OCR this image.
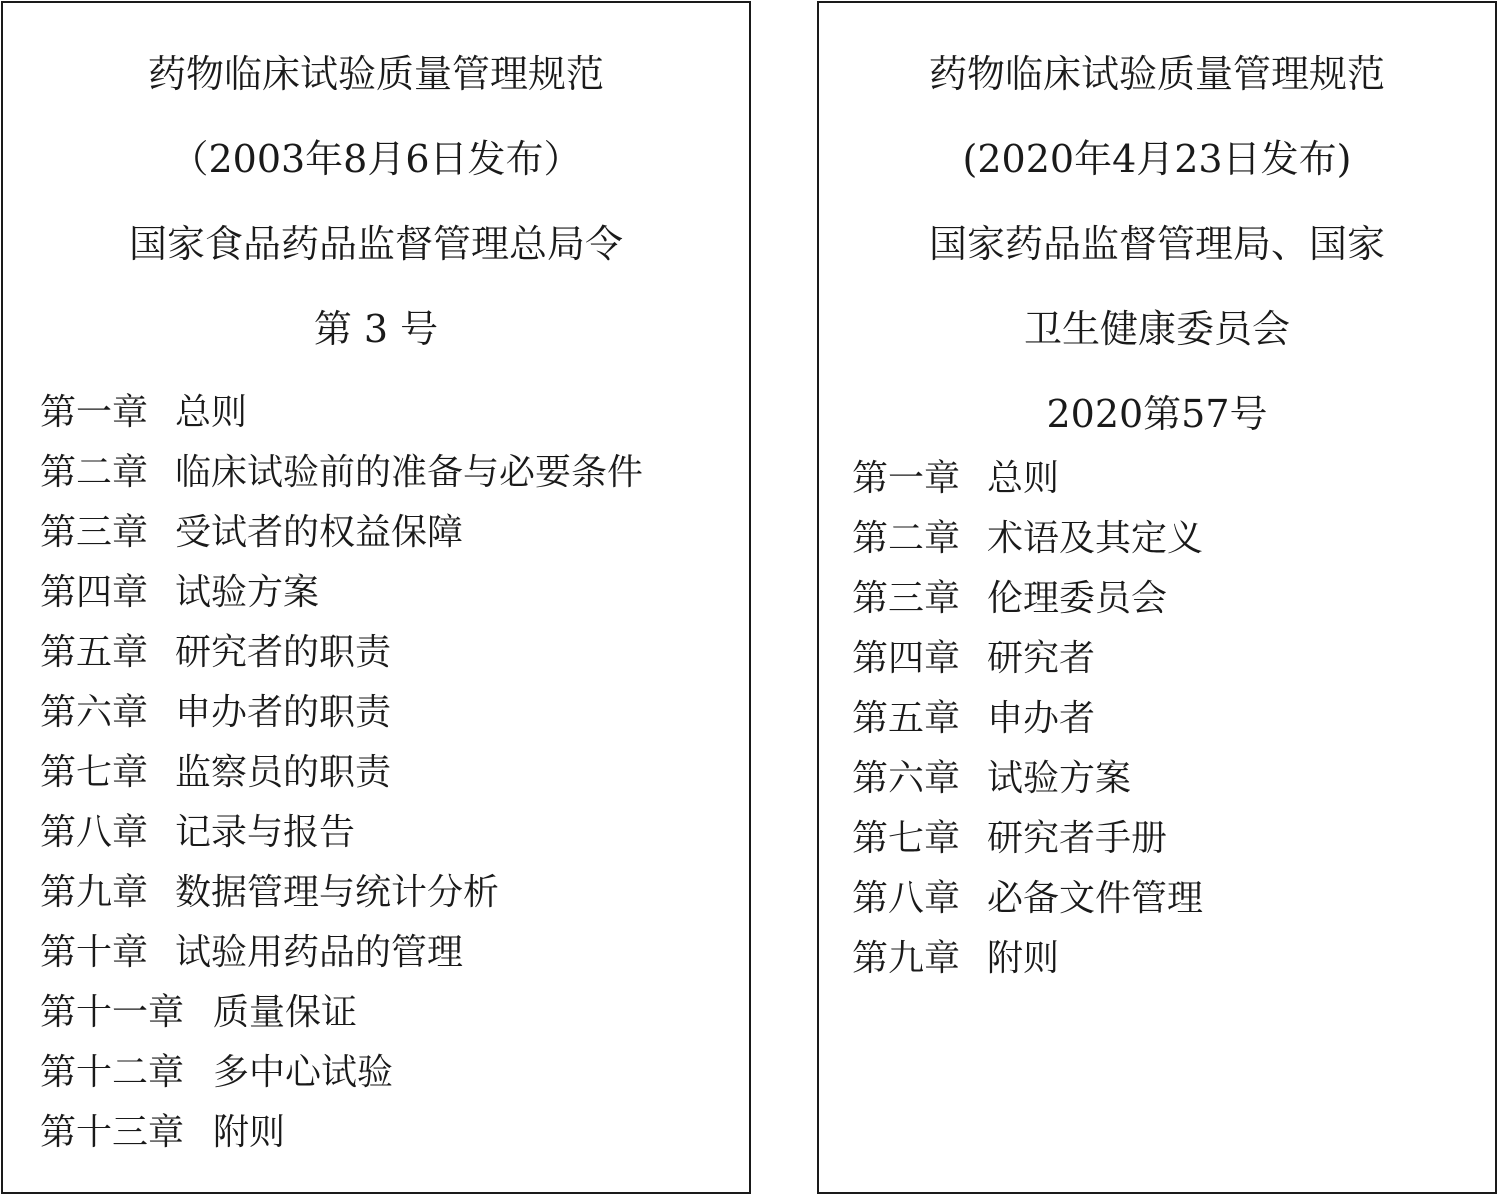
药物临床试验质量管理规范
（2003年8月6日发布）
国家食品药品监督管理总局令
第 3 号
第一章 总则
第二章 临床试验前的准备与必要条件
第三章 受试者的权益保障
第四章 试验方案
第五章 研究者的职责
第六章 申办者的职责
第七章 监察员的职责
第八章 记录与报告
第九章 数据管理与统计分析
第十章 试验用药品的管理
第十一章 质量保证
第十二章 多中心试验
第十三章 附则
药物临床试验质量管理规范
(2020年4月23日发布)
国家药品监督管理局、国家
卫生健康委员会
2020第57号
第一章 总则
第二章 术语及其定义
第三章 伦理委员会
第四章 研究者
第五章 申办者
第六章 试验方案
第七章 研究者手册
第八章 必备文件管理
第九章 附则
